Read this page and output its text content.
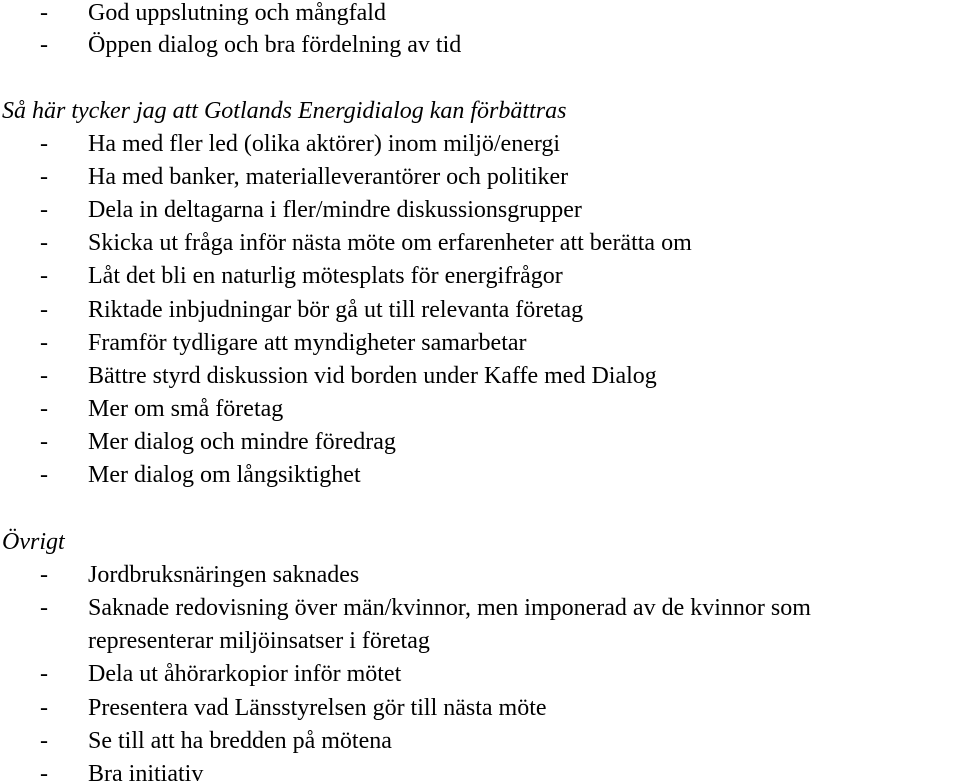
- God uppslutning och mångfald
- Öppen dialog och bra fördelning av tid
Så här tycker jag att Gotlands Energidialog kan förbättras
- Ha med fler led (olika aktörer) inom miljö/energi
- Ha med banker, materialleverantörer och politiker
- Dela in deltagarna i fler/mindre diskussionsgrupper
- Skicka ut fråga inför nästa möte om erfarenheter att berätta om
- Låt det bli en naturlig mötesplats för energifrågor
- Riktade inbjudningar bör gå ut till relevanta företag
- Framför tydligare att myndigheter samarbetar
- Bättre styrd diskussion vid borden under Kaffe med Dialog
- Mer om små företag
- Mer dialog och mindre föredrag
- Mer dialog om långsiktighet
Övrigt
- Jordbruksnäringen saknades
- Saknade redovisning över män/kvinnor, men imponerad av de kvinnor som
representerar miljöinsatser i företag
- Dela ut åhörarkopior inför mötet
- Presentera vad Länsstyrelsen gör till nästa möte
- Se till att ha bredden på mötena
- Bra initiativ
